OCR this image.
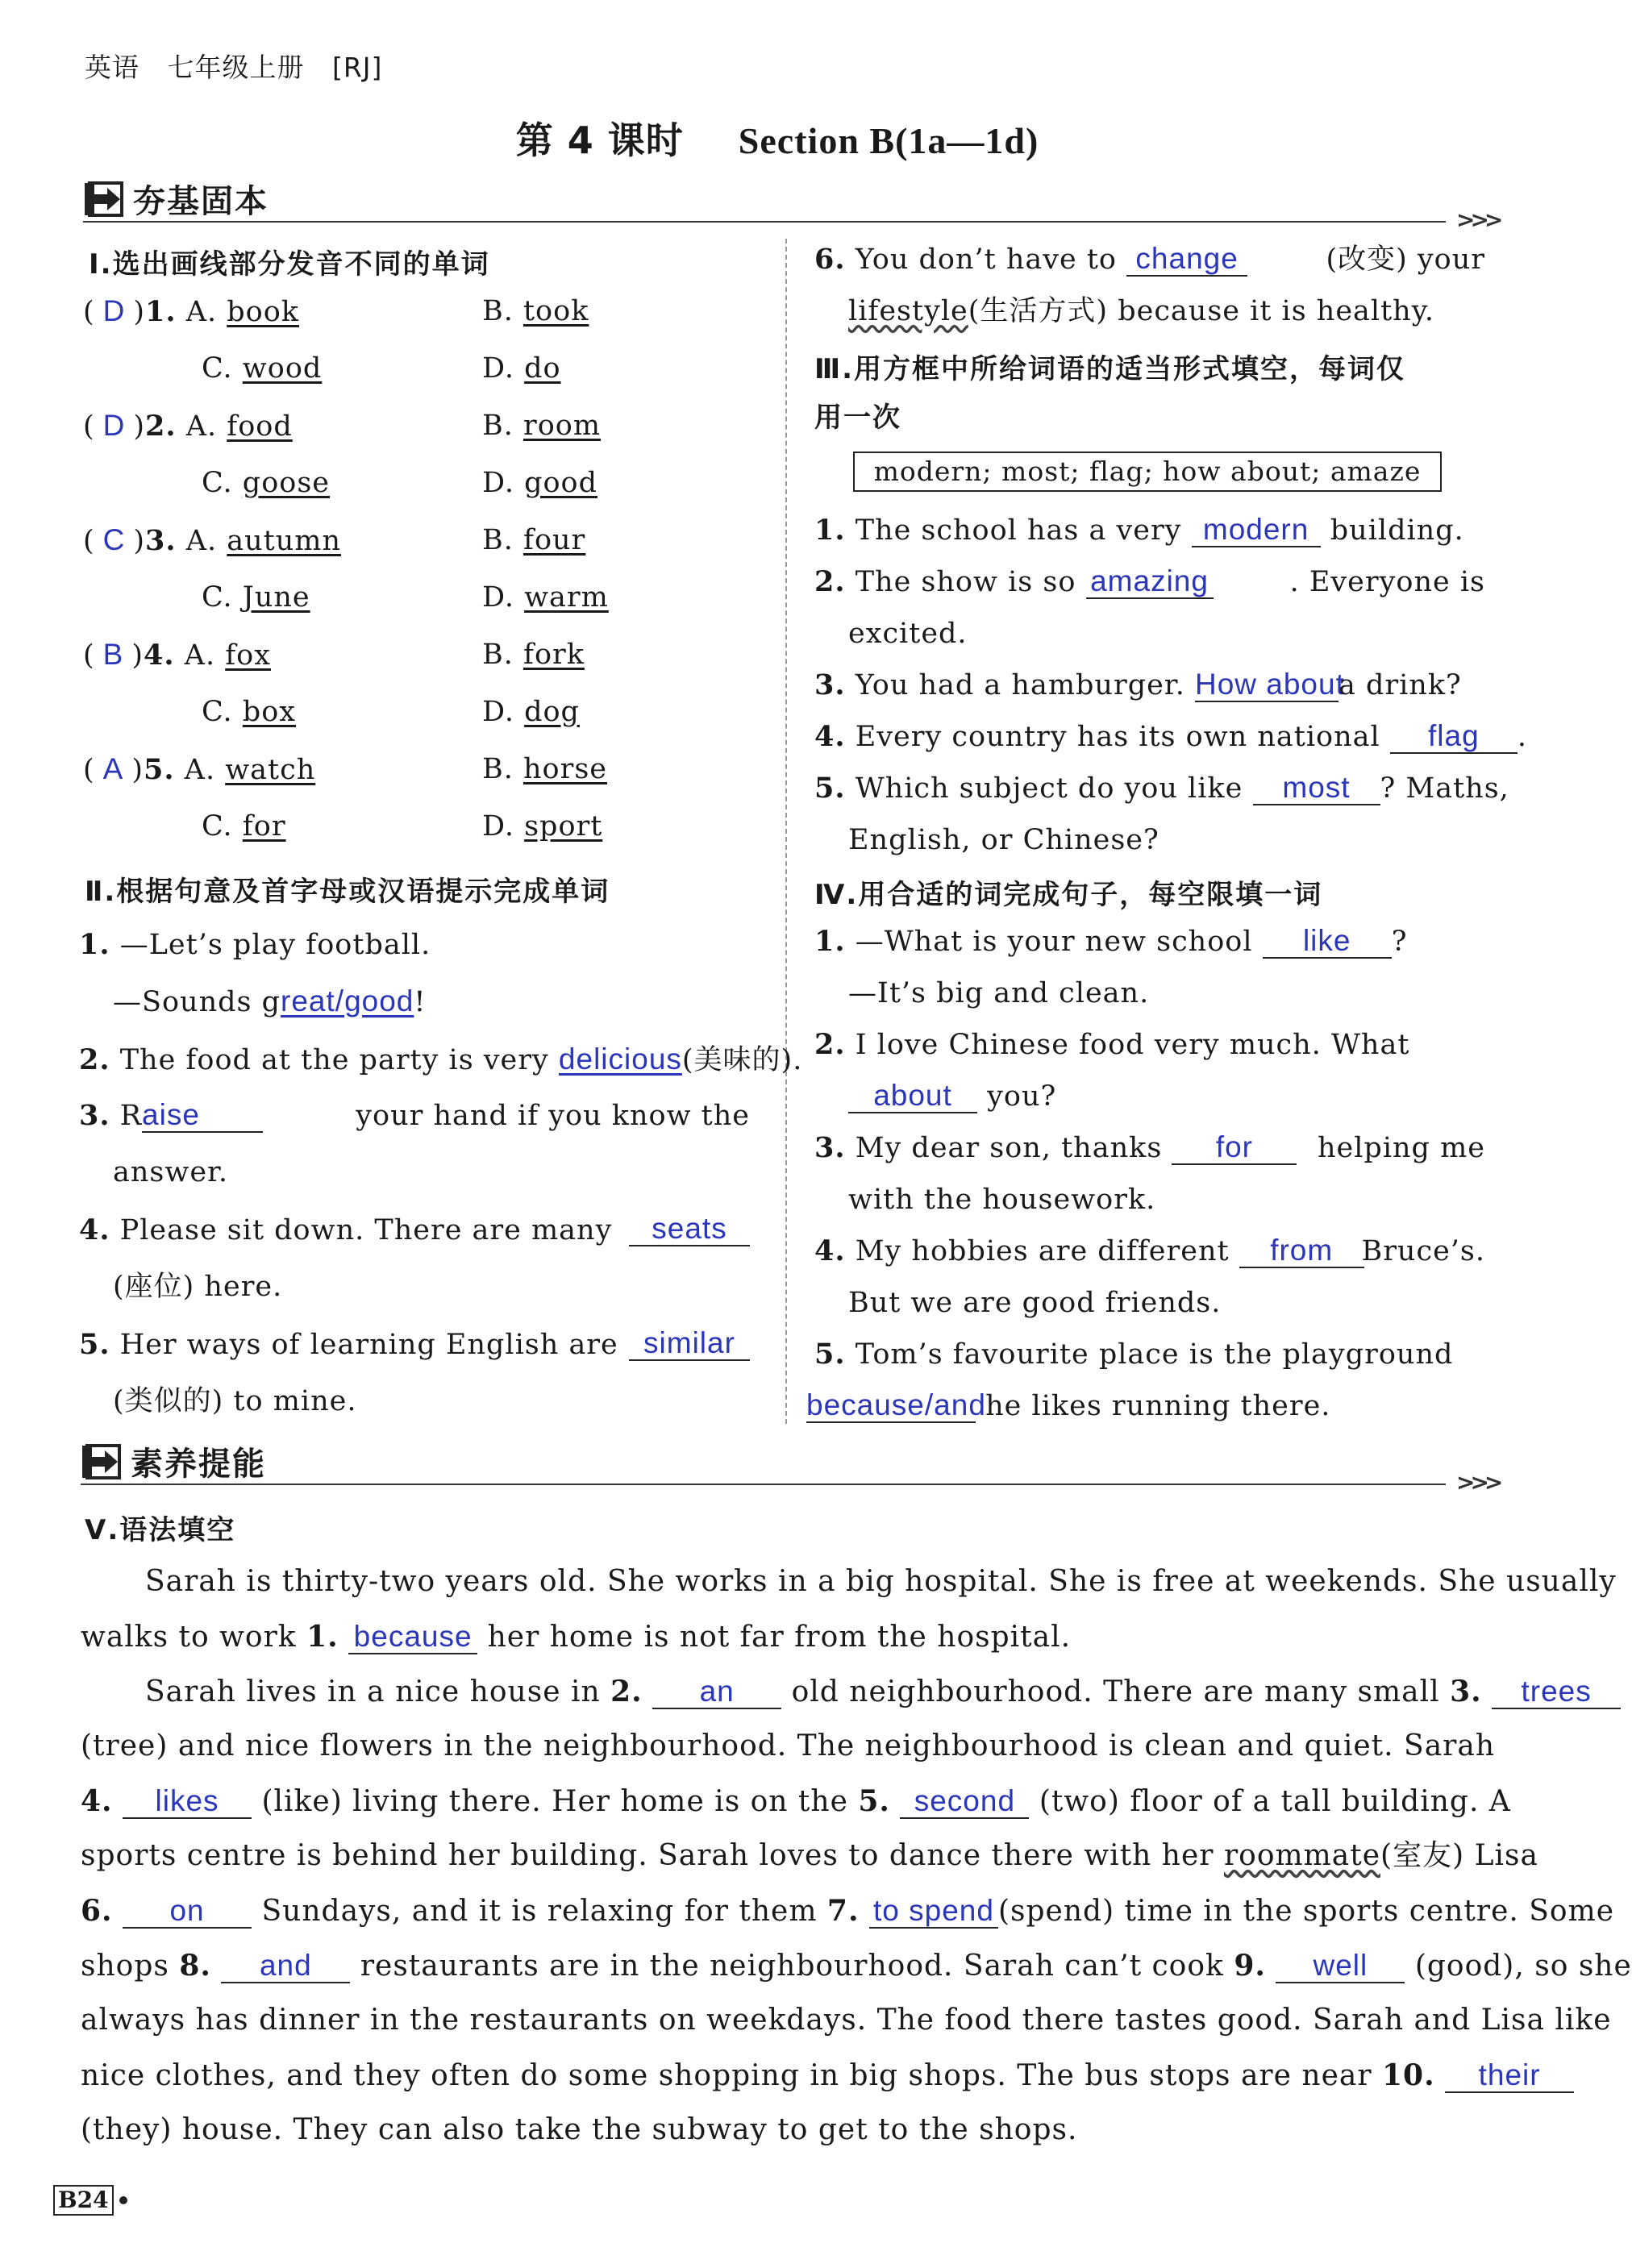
英语 七年级上册 [RJ]
第 4 课时 Section B(1a—1d)
夯基固本	>>>
Ⅰ.选出画线部分发音不同的单词
( D )1. A. book	B. took
C. wood	D. do
( D )2. A. food	B. room
C. goose	D. good
( C )3. A. autumn	B. four
C. June	D. warm
( B )4. A. fox	B. fork
C. box	D. dog
( A )5. A. watch	B. horse
C. for	D. sport
Ⅱ.根据句意及首字母或汉语提示完成单词
1. —Let’s play football.
—Sounds great/good!
2. The food at the party is very delicious(美味的).
3. Raise	your hand if you know the
answer.
4. Please sit down. There are many	seats
(座位) here.
5. Her ways of learning English are similar
(类似的) to mine.
6. You don’t have to change	(改变) your
lifestyle(生活方式) because it is healthy.
Ⅲ.用方框中所给词语的适当形式填空，每词仅
用一次
modern; most; flag; how about; amaze
1. The school has a very modern building.
2. The show is so amazing	. Everyone is
excited.
3. You had a hamburger. How abouta drink?
4. Every country has its own national flag .
5. Which subject do you like most ? Maths,
English, or Chinese?
Ⅳ.用合适的词完成句子，每空限填一词
1. —What is your new school like ?
—It’s big and clean.
2. I love Chinese food very much. What
about you?
3. My dear son, thanks for helping me
with the housework.
4. My hobbies are different from Bruce’s.
But we are good friends.
5. Tom’s favourite place is the playground
because/and he likes running there.
素养提能	>>>
Ⅴ.语法填空
Sarah is thirty-two years old. She works in a big hospital. She is free at weekends. She usually
walks to work 1. because her home is not far from the hospital.
Sarah lives in a nice house in 2. an old neighbourhood. There are many small 3. trees
(tree) and nice flowers in the neighbourhood. The neighbourhood is clean and quiet. Sarah
4. likes (like) living there. Her home is on the 5. second (two) floor of a tall building. A
sports centre is behind her building. Sarah loves to dance there with her roommate(室友) Lisa
6. on Sundays, and it is relaxing for them 7. to spend (spend) time in the sports centre. Some
shops 8. and restaurants are in the neighbourhood. Sarah can’t cook 9. well (good), so she
always has dinner in the restaurants on weekdays. The food there tastes good. Sarah and Lisa like
nice clothes, and they often do some shopping in big shops. The bus stops are near 10. their
(they) house. They can also take the subway to get to the shops.
B24
